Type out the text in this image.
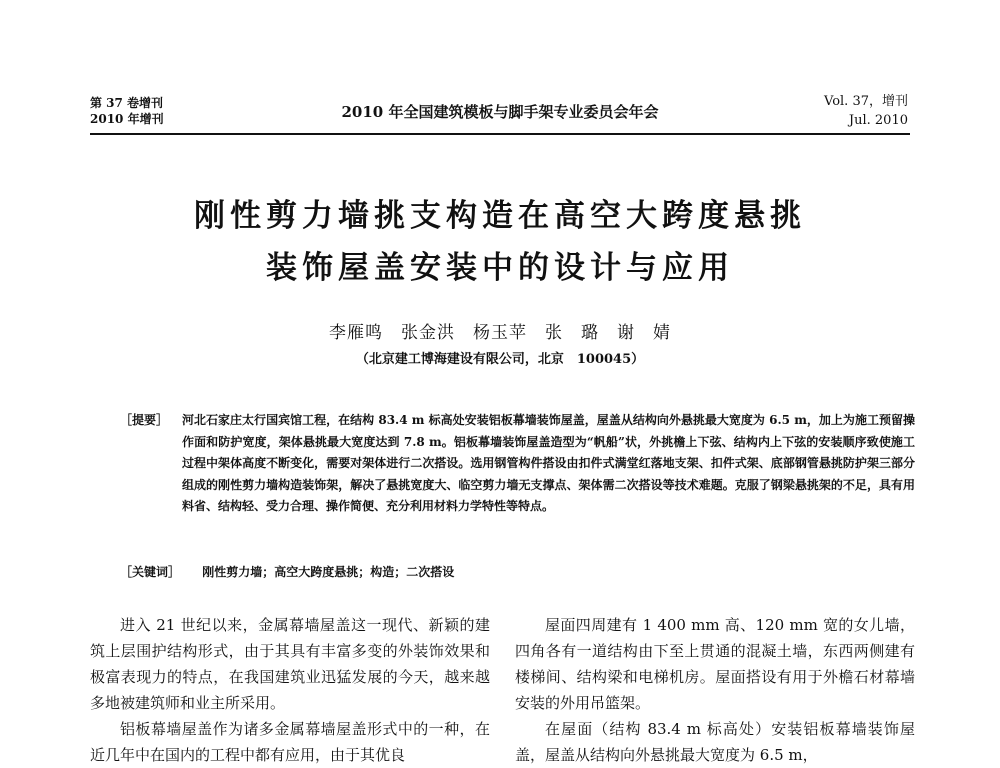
第 37 卷增刊
2010 年增刊	2010 年全国建筑模板与脚手架专业委员会年会
Vol. 37，增刊
Jul. 2010
刚性剪力墙挑支构造在高空大跨度悬挑
装饰屋盖安装中的设计与应用
李雁鸣　张金洪　杨玉苹　张　璐　谢　婧
（北京建工博海建设有限公司，北京　100045）
［提要］ 河北石家庄太行国宾馆工程，在结构 83.4 m 标高处安装铝板幕墙装饰屋盖，屋盖从结构向外悬挑最大宽度为 6.5 m，加上为施工预留操作面和防护宽度，架体悬挑最大宽度达到 7.8 m。铝板幕墙装饰屋盖造型为“帆船”状，外挑檐上下弦、结构内上下弦的安装顺序致使施工过程中架体高度不断变化，需要对架体进行二次搭设。选用钢管构件搭设由扣件式满堂红落地支架、扣件式架、底部钢管悬挑防护架三部分组成的刚性剪力墙构造装饰架，解决了悬挑宽度大、临空剪力墙无支撑点、架体需二次搭设等技术难题。克服了钢梁悬挑架的不足，具有用料省、结构轻、受力合理、操作简便、充分利用材料力学特性等特点。
［关键词］ 刚性剪力墙；高空大跨度悬挑；构造；二次搭设

进入 21 世纪以来，金属幕墙屋盖这一现代、新颖的建筑上层围护结构形式，由于其具有丰富多变的外装饰效果和极富表现力的特点，在我国建筑业迅猛发展的今天，越来越多地被建筑师和业主所采用。

铝板幕墙屋盖作为诸多金属幕墙屋盖形式中的一种，在近几年中在国内的工程中都有应用，由于其优良

屋面四周建有 1 400 mm 高、120 mm 宽的女儿墙，四角各有一道结构由下至上贯通的混凝土墙，东西两侧建有楼梯间、结构梁和电梯机房。屋面搭设有用于外檐石材幕墙安装的外用吊篮架。

在屋面（结构 83.4 m 标高处）安装铝板幕墙装饰屋盖，屋盖从结构向外悬挑最大宽度为 6.5 m，
